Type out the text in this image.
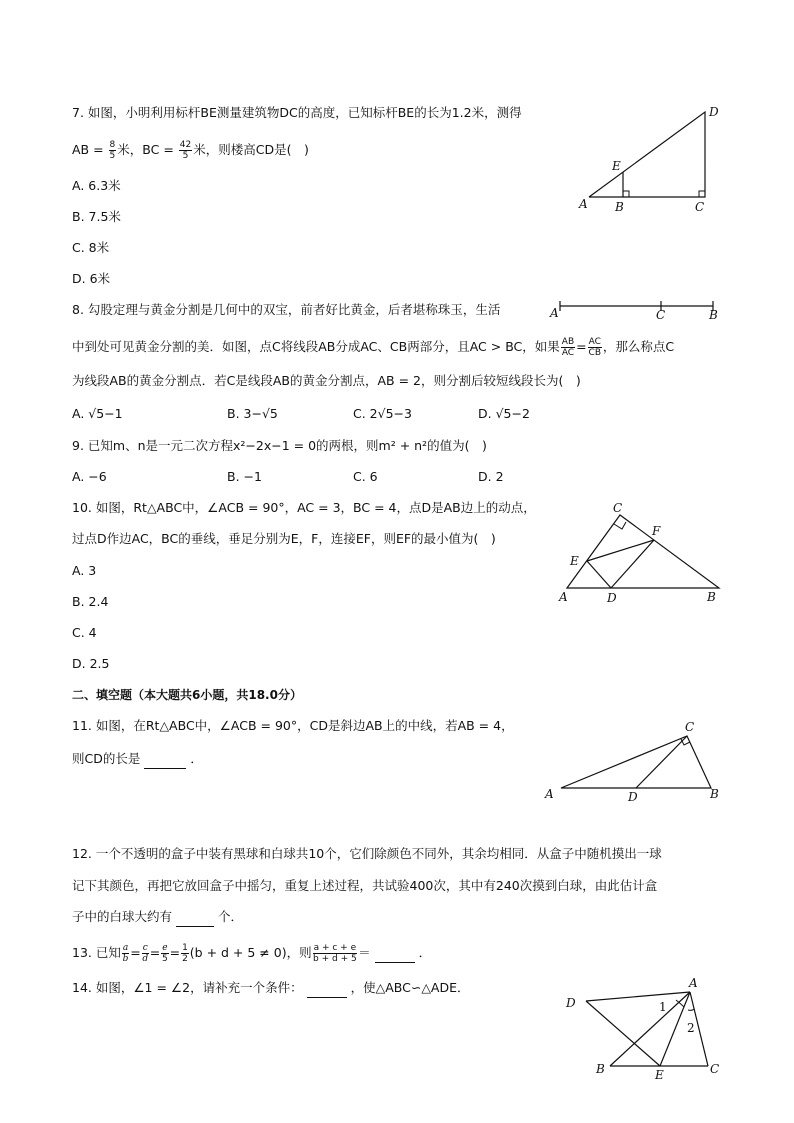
7. 如图，小明利用标杆BE测量建筑物DC的高度，已知标杆BE的长为1.2米，测得
AB = $\frac{8}{5}$ 米，BC = $\frac{42}{5}$ 米，则楼高CD是(　)
A. 6.3米
B. 7.5米
C. 8米
D. 6米
D
E
A B	C
8. 勾股定理与黄金分割是几何中的双宝，前者好比黄金，后者堪称珠玉，生活	A	C	B
中到处可见黄金分割的美．如图，点C将线段AB分成AC、CB两部分，且AC > BC，如果 $\frac{AB}{AC} = \frac{AC}{CB}$ ，那么称点C
为线段AB的黄金分割点．若C是线段AB的黄金分割点，AB = 2，则分割后较短线段长为(　)
A. √5−1	B. 3−√5	C. 2√5−3	D. √5−2
9. 已知m、n是一元二次方程x²−2x−1 = 0的两根，则m² + n²的值为(　)
A. −6	B. −1	C. 6	D. 2
10. 如图，Rt△ABC中，∠ACB = 90°，AC = 3，BC = 4，点D是AB边上的动点，
过点D作边AC，BC的垂线，垂足分别为E，F，连接EF，则EF的最小值为(　)
A. 3
B. 2.4
C. 4
D. 2.5
C
F
E
A	D	B
二、填空题（本大题共6小题，共18.0分）
11. 如图，在Rt△ABC中，∠ACB = 90°，CD是斜边AB上的中线，若AB = 4，
则CD的长是	．
C
A	D	B
12. 一个不透明的盒子中装有黑球和白球共10个，它们除颜色不同外，其余均相同．从盒子中随机摸出一球
记下其颜色，再把它放回盒子中摇匀，重复上述过程，共试验400次，其中有240次摸到白球，由此估计盒
子中的白球大约有	个．
13. 已知 $\frac{a}{b} = \frac{c}{d} = \frac{e}{5} = \frac{1}{2} (b + d + 5 \ne 0)$，则 $\frac{a + c + e}{b + d + 5}$ ＝	．
14. 如图，∠1 = ∠2，请补充一个条件：	，使△ABC∽△ADE．	A
D	1
2
B	E	C
